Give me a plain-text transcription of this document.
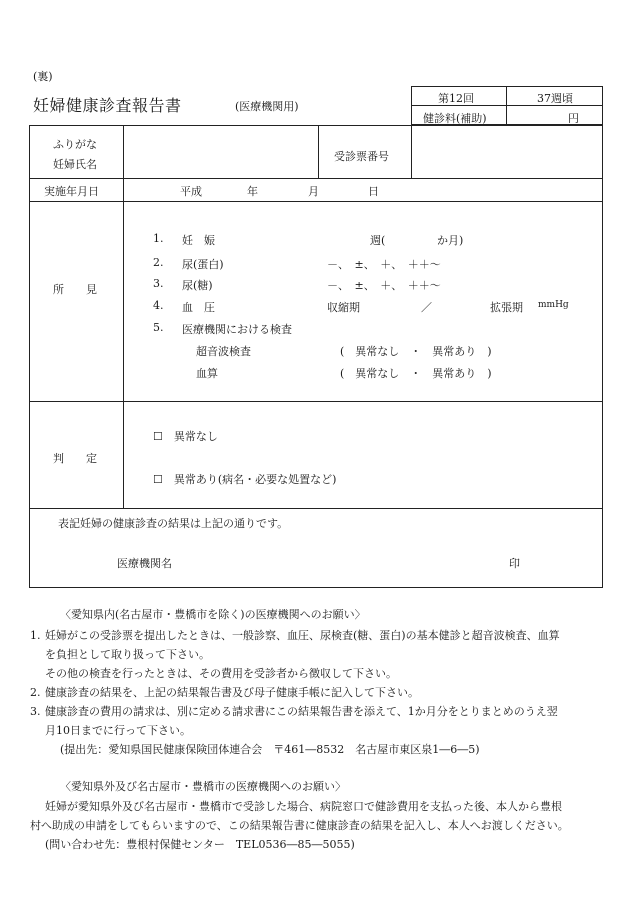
(裏)
妊婦健康診査報告書	(医療機関用)
第12回	37週頃
健診料(補助)	円
ふりがな
妊婦氏名
受診票番号
実施年月日	平成	年	月	日
所　　見
1. 妊　娠	週(	か月)
2. 尿(蛋白)	－、　±、　＋、　＋＋～
3. 尿(糖)	－、　±、　＋、　＋＋～
4. 血　圧	収縮期	／	拡張期 mmHg
5. 医療機関における検査
超音波検査	(　異常なし　・　異常あり　)
血算	(　異常なし　・　異常あり　)
判　　定
☐　異常なし
☐　異常あり(病名・必要な処置など)
表記妊婦の健康診査の結果は上記の通りです。
医療機関名	印
〈愛知県内(名古屋市・豊橋市を除く)の医療機関へのお願い〉
1. 妊婦がこの受診票を提出したときは、一般診察、血圧、尿検査(糖、蛋白)の基本健診と超音波検査、血算
を負担として取り扱って下さい。
その他の検査を行ったときは、その費用を受診者から徴収して下さい。
2. 健康診査の結果を、上記の結果報告書及び母子健康手帳に記入して下さい。
3. 健康診査の費用の請求は、別に定める請求書にこの結果報告書を添えて、1か月分をとりまとめのうえ翌
月10日までに行って下さい。
(提出先：愛知県国民健康保険団体連合会　〒461―8532　名古屋市東区泉1―6―5)
〈愛知県外及び名古屋市・豊橋市の医療機関へのお願い〉
妊婦が愛知県外及び名古屋市・豊橋市で受診した場合、病院窓口で健診費用を支払った後、本人から豊根
村へ助成の申請をしてもらいますので、この結果報告書に健康診査の結果を記入し、本人へお渡しください。
(問い合わせ先：豊根村保健センター　TEL0536―85―5055)
